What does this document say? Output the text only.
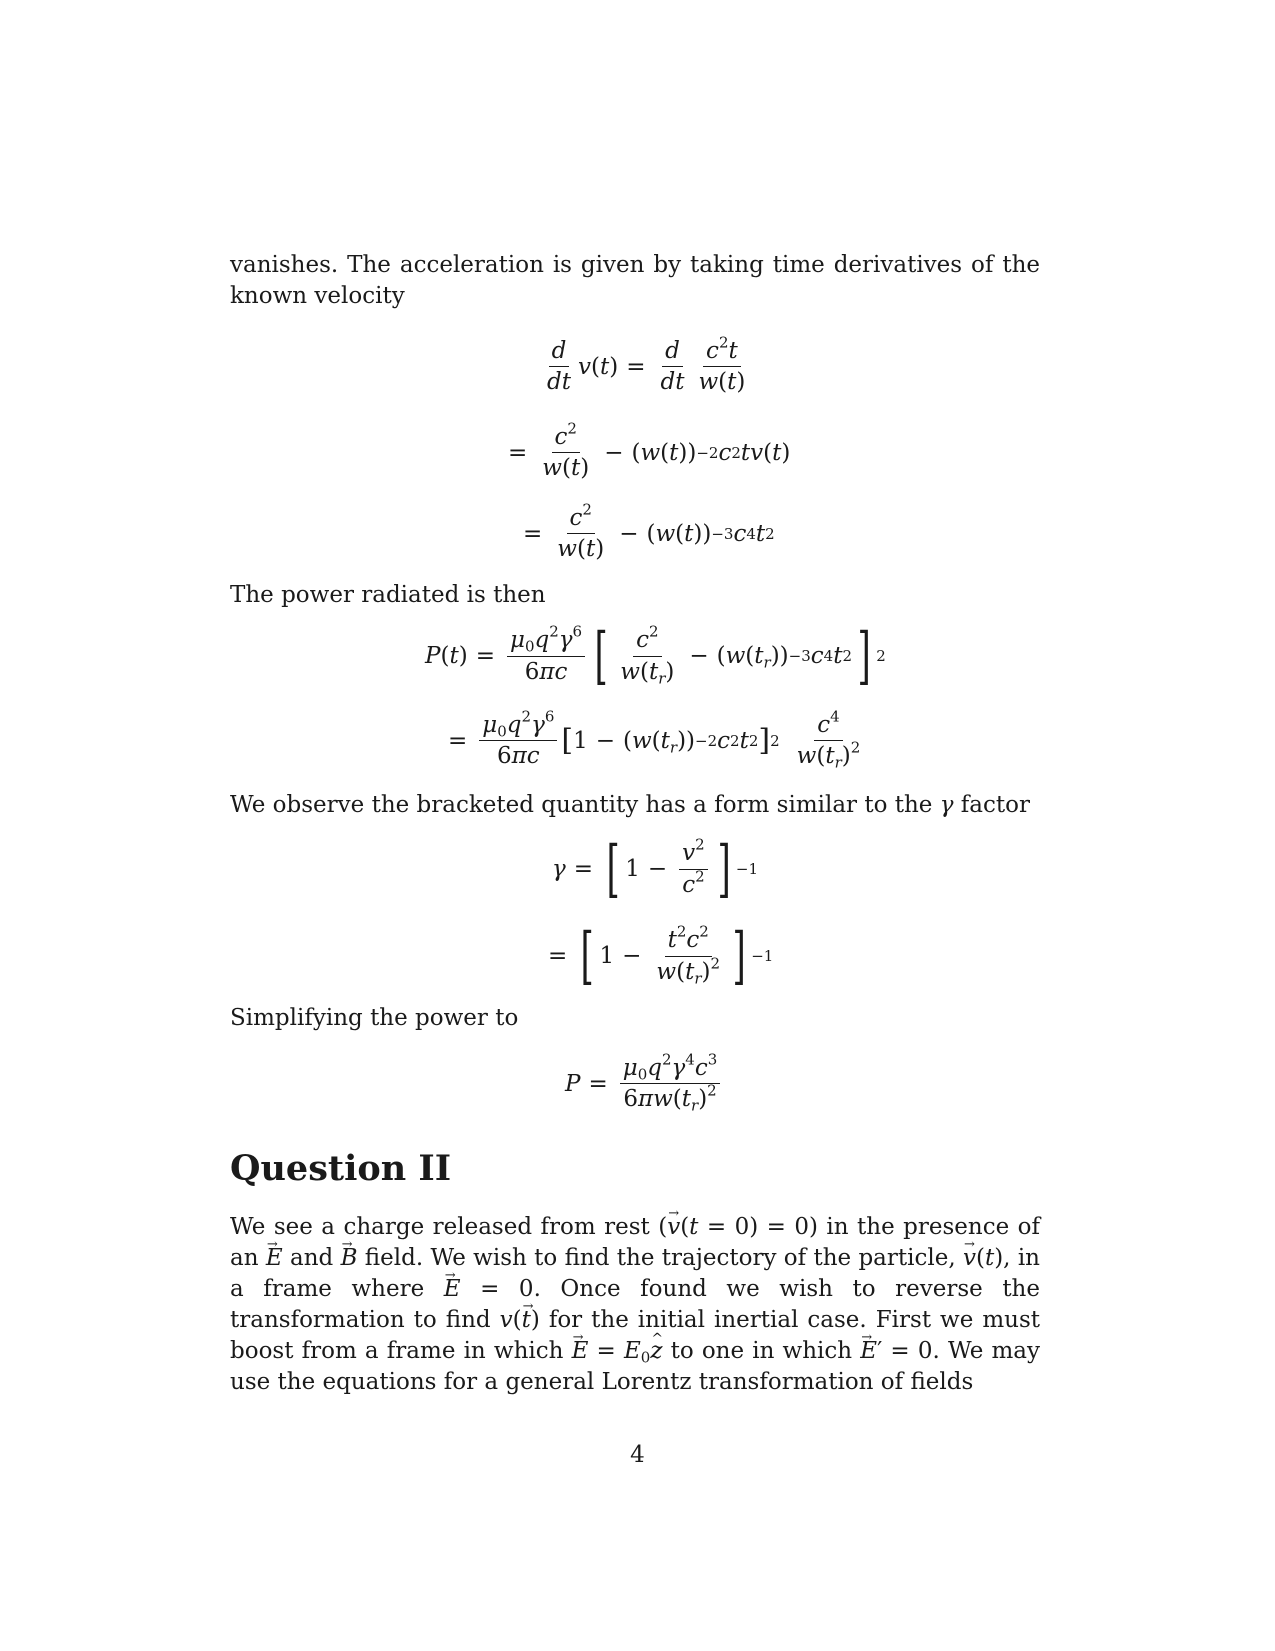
vanishes. The acceleration is given by taking time derivatives of the known velocity
$\frac{d}{dt}$ v ( t ) = $\frac{d}{dt} \frac{c^2t}{w(t)}$
= $\frac{c^2}{w(t)}$ − ( w ( t )) −2 c 2 tv ( t )
= $\frac{c^2}{w(t)}$ − ( w ( t )) −3 c 4 t 2
The power radiated is then
P ( t ) = $\frac{\mu_0q^2\gamma^6}{6\pi c}$ [ $\frac{c^2}{w(t_r)}$ − ( w ( $t_r$ )) −3 c 4 t 2 ] 2
= $\frac{\mu_0q^2\gamma^6}{6\pi c}$ [ 1 − ( w ( $t_r$ )) −2 c 2 t 2 ] $2 \frac{c^4}{w(t_r)^2}$
We observe the bracketed quantity has a form similar to the γ factor
γ = [ $1 - \frac{v^2}{c^2}$ ] −1
= [ $1 - \frac{t^2c^2}{w(t_r)^2}$ ] −1
Simplifying the power to
$P = \frac{\mu_0q^2\gamma^4c^3}{6\pi w(t_r)^2}$
Question II
We see a charge released from rest (→ v(t = 0) = 0) in the presence of an → E and → B field. We wish to find the trajectory of the particle, → v(t), in a frame where → E = 0. Once found we wish to reverse the transformation to find v(→ t) for the initial inertial case. First we must boost from a frame in which → $E = E_0\^{}$ z to one in which → E′ = 0. We may use the equations for a general Lorentz transformation of fields
4
